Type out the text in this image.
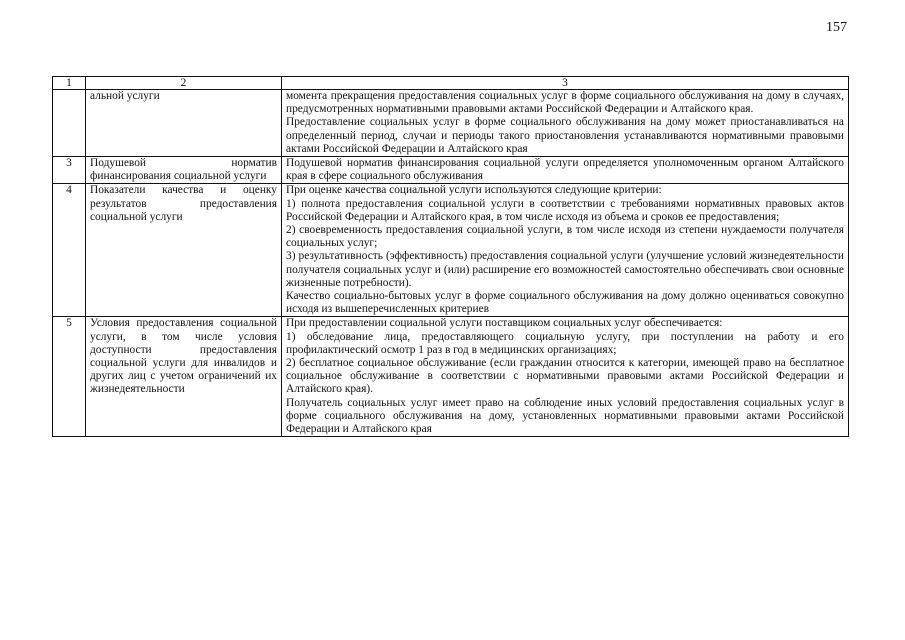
157
1	2	3
	альной услуги	момента прекращения предоставления социальных услуг в форме социального обслуживания на дому в случаях, предусмотренных нормативными правовыми актами Российской Федерации и Алтайского края.

Предоставление социальных услуг в форме социального обслуживания на дому может приостанавливаться на определенный период, случаи и периоды такого приостановления устанавливаются нормативными правовыми актами Российской Федерации и Алтайского края

3	Подушевой норматив финансирования социальной услуги	Подушевой норматив финансирования социальной услуги определяется уполномоченным органом Алтайского края в сфере социального обслуживания

4	Показатели качества и оценку результатов предоставления социальной услуги	При оценке качества социальной услуги используются следующие критерии:

1) полнота предоставления социальной услуги в соответствии с требованиями нормативных правовых актов Российской Федерации и Алтайского края, в том числе исходя из объема и сроков ее предоставления;

2) своевременность предоставления социальной услуги, в том числе исходя из степени нуждаемости получателя социальных услуг;

3) результативность (эффективность) предоставления социальной услуги (улучшение условий жизнедеятельности получателя социальных услуг и (или) расширение его возможностей самостоятельно обеспечивать свои основные жизненные потребности).

Качество социально-бытовых услуг в форме социального обслуживания на дому должно оцениваться совокупно исходя из вышеперечисленных критериев

5	Условия предоставления социальной услуги, в том числе условия доступности предоставления социальной услуги для инвалидов и других лиц с учетом ограничений их жизнедеятельности	При предоставлении социальной услуги поставщиком социальных услуг обеспечивается:

1) обследование лица, предоставляющего социальную услугу, при поступлении на работу и его профилактический осмотр 1 раз в год в медицинских организациях;

2) бесплатное социальное обслуживание (если гражданин относится к категории, имеющей право на бесплатное социальное обслуживание в соответствии с нормативными правовыми актами Российской Федерации и Алтайского края).

Получатель социальных услуг имеет право на соблюдение иных условий предоставления социальных услуг в форме социального обслуживания на дому, установленных нормативными правовыми актами Российской Федерации и Алтайского края
